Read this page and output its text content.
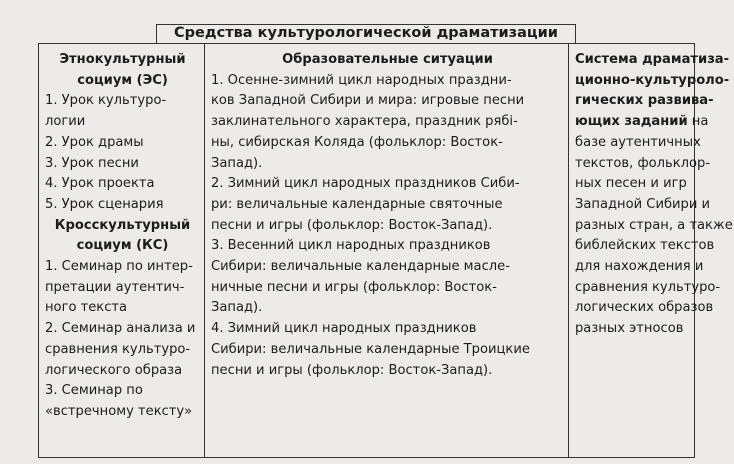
Средства культурологической драматизации
Этнокультурный
социум (ЭС)
1. Урок культуро-
логии
2. Урок драмы
3. Урок песни
4. Урок проекта
5. Урок сценария
Кросскультурный
социум (КС)
1. Семинар по интер-
претации аутентич-
ного текста
2. Семинар анализа и
сравнения культуро-
логического образа
3. Семинар по
«встречному тексту»
Образовательные ситуации
1. Осенне-зимний цикл народных праздни-
ков Западной Сибири и мира: игровые песни
заклинательного характера, праздник рябі-
ны, сибирская Коляда (фольклор: Восток-
Запад).
2. Зимний цикл народных праздников Сиби-
ри: величальные календарные святочные
песни и игры (фольклор: Восток-Запад).
3. Весенний цикл народных праздников
Сибири: величальные календарные масле-
ничные песни и игры (фольклор: Восток-
Запад).
4. Зимний цикл народных праздников
Сибири: величальные календарные Троицкие
песни и игры (фольклор: Восток-Запад).
Система драматиза-
ционно-культуроло-
гических развива-
ющих заданий на
базе аутентичных
текстов, фольклор-
ных песен и игр
Западной Сибири и
разных стран, а также
библейских текстов
для нахождения и
сравнения культуро-
логических образов
разных этносов
